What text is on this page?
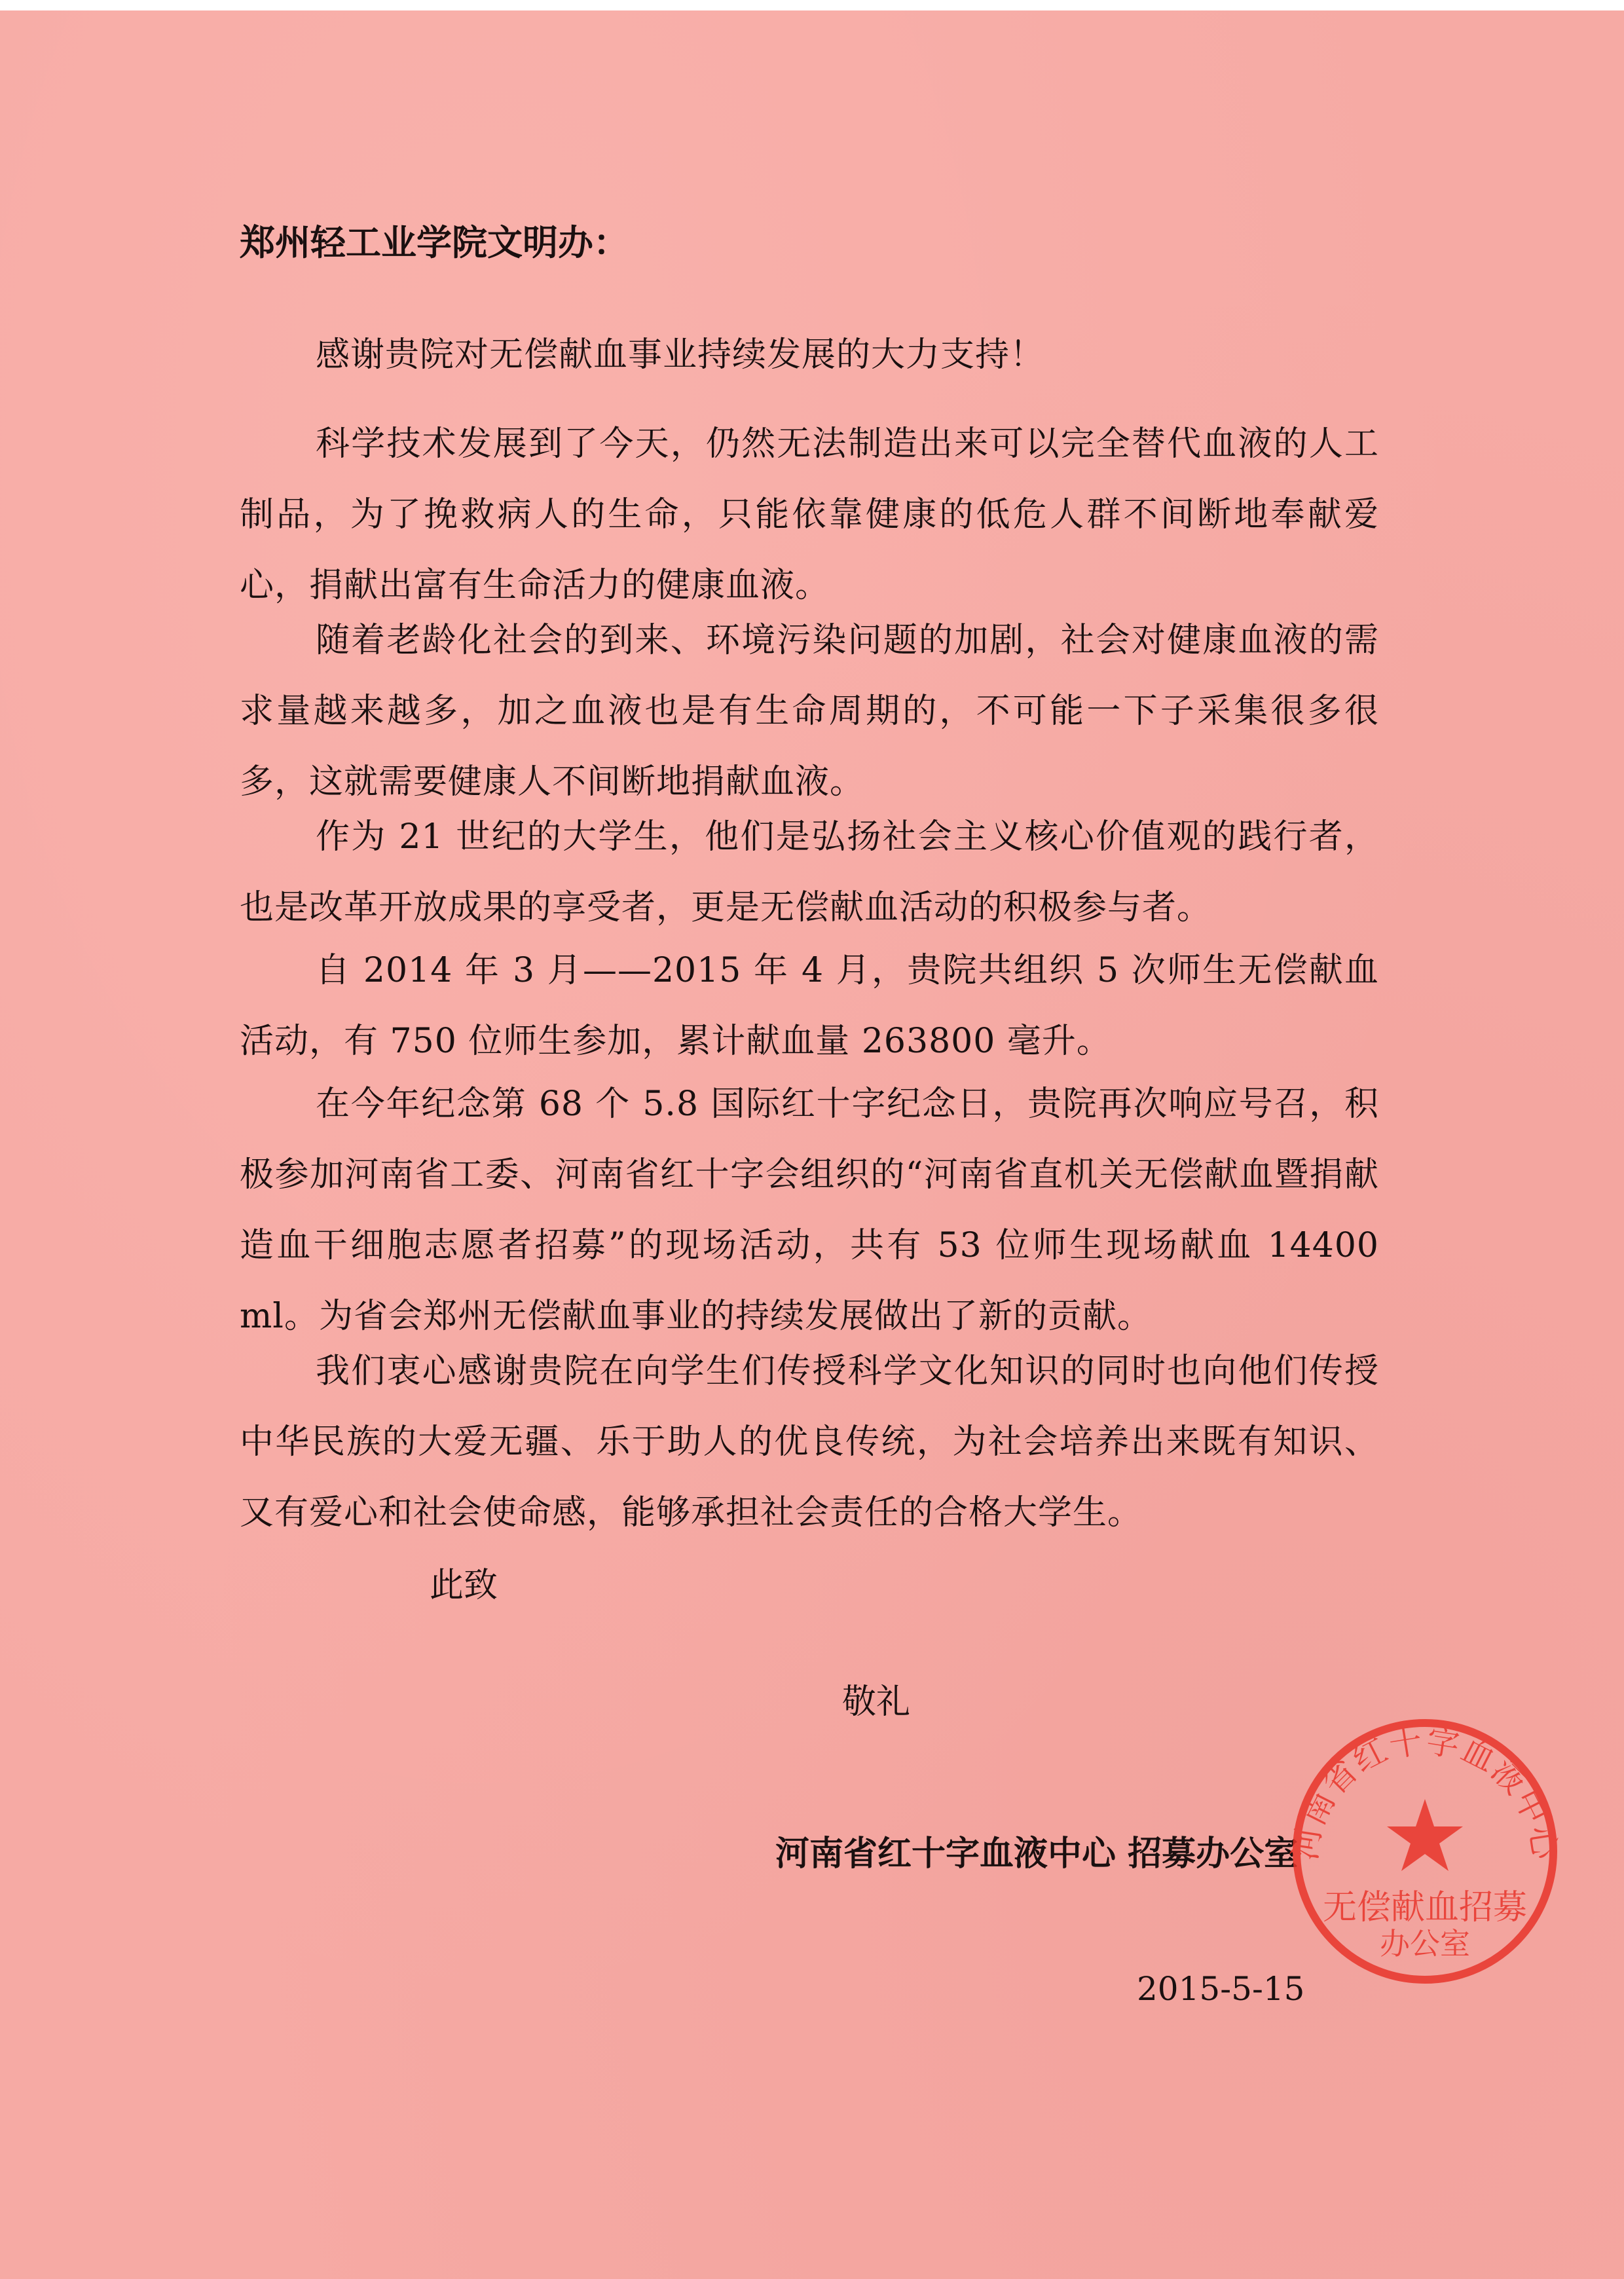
郑州轻工业学院文明办：

感谢贵院对无偿献血事业持续发展的大力支持！

科学技术发展到了今天，仍然无法制造出来可以完全替代血液的人工制品，为了挽救病人的生命，只能依靠健康的低危人群不间断地奉献爱心，捐献出富有生命活力的健康血液。

随着老龄化社会的到来、环境污染问题的加剧，社会对健康血液的需求量越来越多，加之血液也是有生命周期的，不可能一下子采集很多很多，这就需要健康人不间断地捐献血液。

作为 21 世纪的大学生，他们是弘扬社会主义核心价值观的践行者，也是改革开放成果的享受者，更是无偿献血活动的积极参与者。

自 2014 年 3 月——2015 年 4 月，贵院共组织 5 次师生无偿献血活动，有 750 位师生参加，累计献血量 263800 毫升。

在今年纪念第 68 个 5.8 国际红十字纪念日，贵院再次响应号召，积极参加河南省工委、河南省红十字会组织的“河南省直机关无偿献血暨捐献造血干细胞志愿者招募”的现场活动，共有 53 位师生现场献血 14400 ml。为省会郑州无偿献血事业的持续发展做出了新的贡献。

我们衷心感谢贵院在向学生们传授科学文化知识的同时也向他们传授中华民族的大爱无疆、乐于助人的优良传统，为社会培养出来既有知识、又有爱心和社会使命感，能够承担社会责任的合格大学生。

此致

敬礼

河南省红十字血液中心 招募办公室

河南省红十字血液中心
无偿献血招募
办公室

2015-5-15
